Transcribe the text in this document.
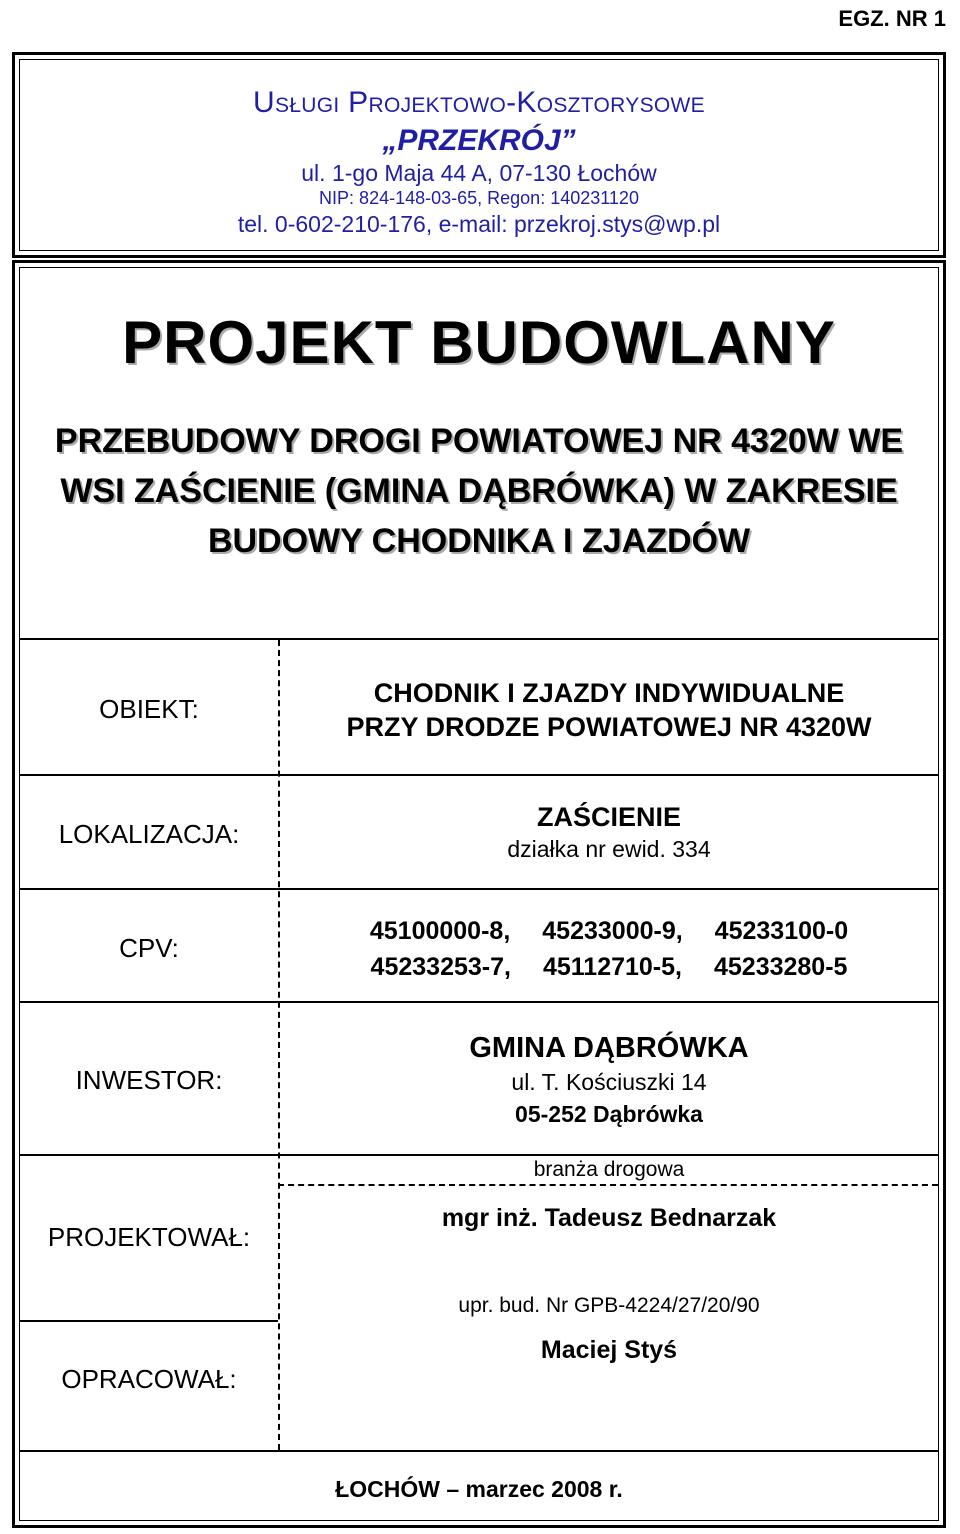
EGZ. NR 1
Usługi Projektowo-Kosztorysowe
„PRZEKRÓJ”
ul. 1-go Maja 44 A, 07-130 Łochów
NIP: 824-148-03-65, Regon: 140231120
tel. 0-602-210-176, e-mail: przekroj.stys@wp.pl
PROJEKT BUDOWLANY
PRZEBUDOWY DROGI POWIATOWEJ NR 4320W WE WSI ZAŚCIENIE (GMINA DĄBRÓWKA) W ZAKRESIE BUDOWY CHODNIKA I ZJAZDÓW
OBIEKT:
CHODNIK I ZJAZDY INDYWIDUALNE
PRZY DRODZE POWIATOWEJ NR 4320W
LOKALIZACJA:
ZAŚCIENIE
działka nr ewid. 334
CPV:
45100000-8, 45233000-9, 45233100-0
45233253-7, 45112710-5, 45233280-5
INWESTOR:
GMINA DĄBRÓWKA
ul. T. Kościuszki 14
05-252 Dąbrówka
PROJEKTOWAŁ:
branża drogowa
mgr inż. Tadeusz Bednarzak
upr. bud. Nr GPB-4224/27/20/90
OPRACOWAŁ:
Maciej Styś
ŁOCHÓW – marzec 2008 r.
